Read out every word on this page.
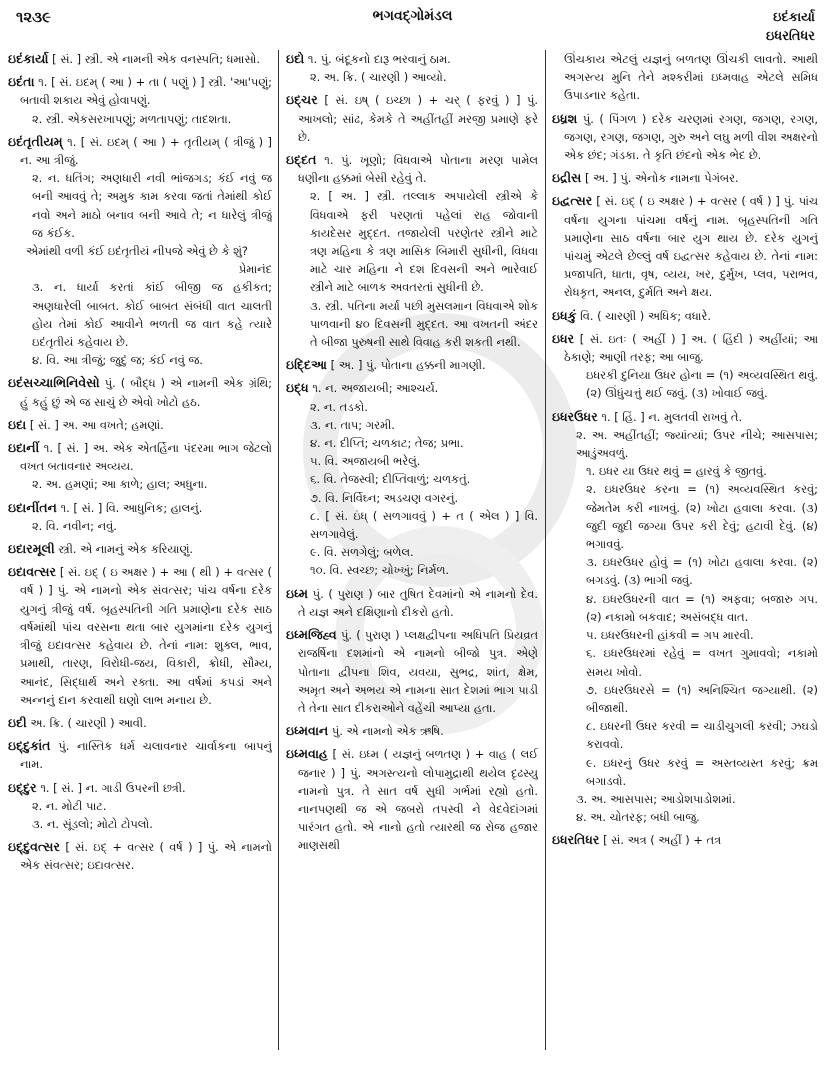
૧૨૩૯	ભગવદ્ગોમંડલ	ઇદંકાર્યા
ઇધરતિધર
ઇદંકાર્યા [ સં. ] સ્ત્રી. એ નામની એક વનસ્પતિ; ધમાસો.
ઇદંતા ૧. [ સં. ઇદમ્ ( આ ) + તા ( પણું ) ] સ્ત્રી. 'આ'પણું; બતાવી શકાય એવું હોવાપણું.
૨. સ્ત્રી. એકસરખાપણું; મળતાપણું; તાદશતા.
ઇદંતૃતીયમ્ ૧. [ સં. ઇદમ્ ( આ ) + તૃતીયમ્ ( ત્રીજું ) ] ન. આ ત્રીજું.
૨. ન. ધતિંગ; અણધારી નવી ભાંજગડ; કંઈ નવું જ બની આવવું તે; અમુક કામ કરવા જતાં તેમાંથી કોઈ નવો અને માઠો બનાવ બની આવે તે; ન ધારેલું ત્રીજું જ કંઈક.
એમાંથી વળી કંઈ ઇદંતૃતીયં નીપજે એવું છે કે શું?
પ્રેમાનંદ
૩. ન. ધાર્યા કરતાં કાંઈ બીજી જ હકીકત; અણધારેલી બાબત. કોઈ બાબત સંબંધી વાત ચાલતી હોય તેમાં કોઈ આવીને ભળતી જ વાત કહે ત્યારે ઇદંતૃતીયં કહેવાય છે.
૪. વિ. આ ત્રીજું; જુદું જ; કંઈ નવું જ.
ઇદંસચ્ચાભિનિવેસો પું. ( બૌદ્ધ ) એ નામની એક ગ્રંથિ; હું કહું છું એ જ સાચું છે એવો ખોટો હઠ.
ઇદા [ સં. ] અ. આ વખતે; હમણાં.
ઇદાનીં ૧. [ સં. ] અ. એક એતર્હિના પંદરમા ભાગ જેટલો વખત બતાવનાર અવ્યય.
૨. અ. હમણાં; આ કાળે; હાલ; અધુના.
ઇદાનીંતન ૧. [ સં. ] વિ. આધુનિક; હાલનું.
૨. વિ. નવીન; નવું.
ઇદારમૂલી સ્ત્રી. એ નામનું એક કરિયાણું.
ઇદાવત્સર [ સં. ઇદ્ ( ઇ અક્ષર ) + આ ( થી ) + વત્સર ( વર્ષ ) ] પું. એ નામનો એક સંવત્સર; પાંચ વર્ષના દરેક યુગનું ત્રીજું વર્ષ. બૃહસ્પતિની ગતિ પ્રમાણેના દરેક સાઠ વર્ષમાંથી પાંચ વરસના થતા બાર યુગમાંના દરેક યુગનું ત્રીજું ઇદાવત્સર કહેવાય છે. તેનાં નામ: શુક્લ, ભાવ, પ્રમાથી, તારણ, વિરોધી-જય, વિકારી, ક્રોધી, સૌમ્ય, આનંદ, સિદ્ધાર્થ અને રક્તા. આ વર્ષમાં કપડાં અને અન્નનું દાન કરવાથી ઘણો લાભ મનાય છે.
ઇદી અ. ક્રિ. ( ચારણી ) આવી.
ઇદ્દુકાંત પું. નાસ્તિક ધર્મ ચલાવનાર ચાર્વાકના બાપનું નામ.
ઇદ્દુર ૧. [ સં. ] ન. ગાડી ઉપરની છત્રી.
૨. ન. મોટી પાટ.
૩. ન. સૂંડલો; મોટો ટોપલો.
ઇદ્દુવત્સર [ સં. ઇદ્ + વત્સર ( વર્ષ ) ] પું. એ નામનો એક સંવત્સર; ઇદાવત્સર.
ઇદો ૧. પું. બંદૂકનો દારૂ ભરવાનું ઠામ.
૨. અ. ક્રિ. ( ચારણી ) આવ્યો.
ઇદ્ચર [ સં. ઇષ્ ( ઇચ્છા ) + ચર્ ( ફરવું ) ] પું. આખલો; સાંઢ, કેમકે તે અહીંતહીં મરજી પ્રમાણે ફરે છે.
ઇદ્દત ૧. પું. ખૂણો; વિધવાએ પોતાના મરણ પામેલ ધણીના હક્કમાં બેસી રહેવું તે.
૨. [ અ. ] સ્ત્રી. તલ્લાક અપાયેલી સ્ત્રીએ કે વિધવાએ ફરી પરણતાં પહેલાં રાહ જોવાની કાયદેસર મુદ્દત. તજાયેલી પરણેતર સ્ત્રીને માટે ત્રણ મહિના કે ત્રણ માસિક બિમારી સુધીની, વિધવા માટે ચાર મહિના ને દશ દિવસની અને ભારેવાઈ સ્ત્રીને માટે બાળક અવતરતાં સુધીની છે.
૩. સ્ત્રી. પતિના મર્યા પછી મુસલમાન વિધવાએ શોક પાળવાની ૪૦ દિવસની મુદ્દત. આ વખતની અંદર તે બીજા પુરુષની સાથે વિવાહ કરી શકતી નથી.
ઇદ્દિઆ [ અ. ] પું. પોતાના હક્કની માગણી.
ઇદ્ધ ૧. ન. અજાયબી; આશ્ચર્ય.
૨. ન. તડકો.
૩. ન. તાપ; ગરમી.
૪. ન. દીપ્તિ; ચળકાટ; તેજ; પ્રભા.
૫. વિ. અજાયબી ભરેલું.
૬. વિ. તેજસ્વી; દીપ્તિવાળું; ચળકતું.
૭. વિ. નિર્વિઘ્ન; અડચણ વગરનું.
૮. [ સં. ઇંધ્ ( સળગાવવું ) + ત ( એલ ) ] વિ. સળગાવેલું.
૯. વિ. સળગેલું; બળેલ.
૧૦. વિ. સ્વચ્છ; ચોખ્ખું; નિર્મળ.
ઇધ્મ પું. ( પુરાણ ) બાર તુષિત દેવમાંનો એ નામનો દેવ. તે યજ્ઞ અને દક્ષિણાનો દીકરો હતો.
ઇધ્મજિહ્વ પું. ( પુરાણ ) પ્લક્ષદ્વીપના અધિપતિ પ્રિયવ્રત રાજર્ષિના દશમાંનો એ નામનો બીજો પુત્ર. એણે પોતાના દ્વીપના શિવ, યવયા, સુભદ્ર, શાંત, ક્ષેમ, અમૃત અને અભય એ નામના સાત દેશમાં ભાગ પાડી તે તેના સાત દીકરાઓને વહેંચી આપ્યા હતા.
ઇધ્મવાન પું. એ નામનો એક ઋષિ.
ઇધ્મવાહ [ સં. ઇધ્મ ( યજ્ઞનું બળતણ ) + વાહ ( લઈ જનાર ) ] પું. અગસ્ત્યનો લોપામુદ્રાથી થયેલ દૃઢસ્યુ નામનો પુત્ર. તે સાત વર્ષ સુધી ગર્ભમાં રહ્યો હતો. નાનપણથી જ એ જબરો તપસ્વી ને વેદવેદાંગમાં પારંગત હતો. એ નાનો હતો ત્યારથી જ રોજ હજાર માણસથી
ઊંચકાય એટલું યજ્ઞનું બળતણ ઊંચકી લાવતો. આથી અગસ્ત્ય મુનિ તેને મશ્કરીમાં ઇધ્મવાહ એટલે સમિધ ઉપાડનાર કહેતા.
ઇધ્રશ પું. ( પિંગળ ) દરેક ચરણમાં રગણ, જગણ, રગણ, જગણ, રગણ, જગણ, ગુરુ અને લઘુ મળી વીશ અક્ષરનો એક છંદ; ગંડકા. તે કૃતિ છંદનો એક ભેદ છે.
ઇદ્રીસ [ અ. ] પું. એનોક નામના પેગંબર.
ઇદ્વત્સર [ સં. ઇદ્ ( ઇ અક્ષર ) + વત્સર ( વર્ષ ) ] પું. પાંચ વર્ષના યુગના પાંચમા વર્ષનું નામ. બૃહસ્પતિની ગતિ પ્રમાણેના સાઠ વર્ષના બાર યુગ થાય છે. દરેક યુગનું પાંચમું એટલે છેલ્લું વર્ષ ઇદ્વત્સર કહેવાય છે. તેનાં નામ: પ્રજાપતિ, ધાતા, વૃષ, વ્યય, ખર, દુર્મુખ, પ્લવ, પરાભવ, રોધકૃત, અનલ, દુર્મતિ અને ક્ષય.
ઇધકું વિ. ( ચારણી ) અધિક; વધારે.
ઇધર [ સં. ઇતઃ ( અહીં ) ] અ. ( હિંદી ) અહીંયાં; આ ઠેકાણે; આણી તરફ; આ બાજુ.
ઇધરકી દુનિયા ઉધર હોના = (૧) અવ્યવસ્થિત થવું. (૨) ઊંધુંચત્તું થઈ જવું. (૩) ખોવાઈ જવું.
ઇધરઉધર ૧. [ હિં. ] ન. મુલતવી રાખવું તે.
૨. અ. અહીંતહીં; જ્યાંત્યાં; ઉપર નીચે; આસપાસ; આડુંઅવળું.
૧. ઇધર યા ઉધર થવું = હારવું કે જીતવું.
૨. ઇધરઉધર કરના = (૧) અવ્યવસ્થિત કરવું; જેમતેમ કરી નાખવું. (૨) ખોટા હવાલા કરવા. (૩) જુદી જુદી જગ્યા ઉપર કરી દેવું; હટાવી દેવું. (૪) ભગાવવું.
૩. ઇધરઉધર હોવું = (૧) ખોટા હવાલા કરવા. (૨) બગડવું. (૩) ભાગી જવું.
૪. ઇધરઉધરની વાત = (૧) અફવા; બજારુ ગપ. (૨) નકામો બકવાદ; અસંબદ્ધ વાત.
૫. ઇધરઉધરની હાંકવી = ગપ મારવી.
૬. ઇધરઉધરમાં રહેવું = વખત ગુમાવવો; નકામો સમય ખોવો.
૭. ઇધરઉધરસે = (૧) અનિશ્ચિત જગ્યાથી. (૨) બીજાથી.
૮. ઇધરની ઉધર કરવી = ચાડીચુગલી કરવી; ઝઘડો કરાવવો.
૯. ઇધરનું ઉધર કરવું = અસ્તવ્યસ્ત કરવું; ક્રમ બગાડવો.
૩. અ. આસપાસ; આડોશપાડોશમાં.
૪. અ. ચોતરફ; બધી બાજુ.
ઇધરતિધર [ સં. અત્ર ( અહીં ) + તત્ર
